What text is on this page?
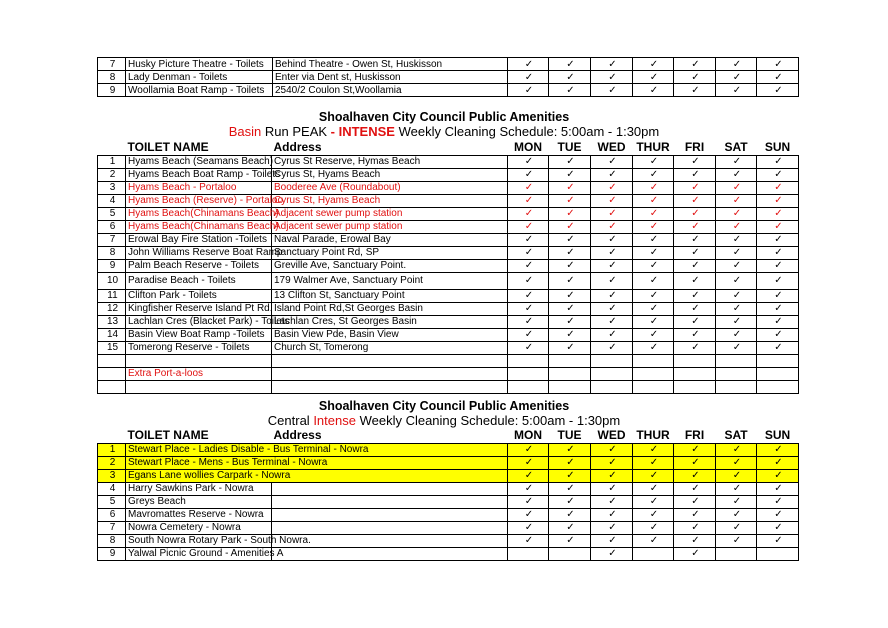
7	Husky Picture Theatre - Toilets	Behind Theatre - Owen St, Huskisson	✓	✓	✓	✓	✓	✓	✓
8	Lady Denman - Toilets	Enter via Dent st, Huskisson	✓	✓	✓	✓	✓	✓	✓
9	Woollamia Boat Ramp - Toilets	2540/2 Coulon St,Woollamia	✓	✓	✓	✓	✓	✓	✓
Shoalhaven City Council Public Amenities
Basin Run PEAK - INTENSE Weekly Cleaning Schedule: 5:00am - 1:30pm
	TOILET NAME	Address	MON	TUE	WED	THUR	FRI	SAT	SUN
1	Hyams Beach (Seamans Beach)	Cyrus St Reserve, Hymas Beach	✓	✓	✓	✓	✓	✓	✓
2	Hyams Beach Boat Ramp - Toilets	Cyrus St, Hyams Beach	✓	✓	✓	✓	✓	✓	✓
3	Hyams Beach - Portaloo	Booderee Ave (Roundabout)	✓	✓	✓	✓	✓	✓	✓
4	Hyams Beach (Reserve) - Portaloo	Cyrus St, Hyams Beach	✓	✓	✓	✓	✓	✓	✓
5	Hyams Beach(Chinamans Beach)	Adjacent sewer pump station	✓	✓	✓	✓	✓	✓	✓
6	Hyams Beach(Chinamans Beach)	Adjacent sewer pump station	✓	✓	✓	✓	✓	✓	✓
7	Erowal Bay Fire Station -Toilets	Naval Parade, Erowal Bay	✓	✓	✓	✓	✓	✓	✓
8	John Williams Reserve Boat Ramp	Sanctuary Point Rd, SP	✓	✓	✓	✓	✓	✓	✓
9	Palm Beach Reserve - Toilets	Greville Ave, Sanctuary Point.	✓	✓	✓	✓	✓	✓	✓
10	Paradise Beach - Toilets	179 Walmer Ave, Sanctuary Point	✓	✓	✓	✓	✓	✓	✓
11	Clifton Park - Toilets	13 Clifton St, Sanctuary Point	✓	✓	✓	✓	✓	✓	✓
12	Kingfisher Reserve Island Pt Rd.	Island Point Rd,St Georges Basin	✓	✓	✓	✓	✓	✓	✓
13	Lachlan Cres (Blacket Park) - Toilets	Lachlan Cres, St Georges Basin	✓	✓	✓	✓	✓	✓	✓
14	Basin View Boat Ramp -Toilets	Basin View Pde, Basin View	✓	✓	✓	✓	✓	✓	✓
15	Tomerong Reserve - Toilets	Church St, Tomerong	✓	✓	✓	✓	✓	✓	✓

	Extra Port-a-loos								

Shoalhaven City Council Public Amenities
Central Intense Weekly Cleaning Schedule: 5:00am - 1:30pm
	TOILET NAME	Address	MON	TUE	WED	THUR	FRI	SAT	SUN
1	Stewart Place - Ladies Disable - Bus Terminal - Nowra		✓	✓	✓	✓	✓	✓	✓
2	Stewart Place - Mens - Bus Terminal - Nowra		✓	✓	✓	✓	✓	✓	✓
3	Egans Lane wollies Carpark - Nowra		✓	✓	✓	✓	✓	✓	✓
4	Harry Sawkins Park - Nowra		✓	✓	✓	✓	✓	✓	✓
5	Greys Beach		✓	✓	✓	✓	✓	✓	✓
6	Mavromattes Reserve - Nowra		✓	✓	✓	✓	✓	✓	✓
7	Nowra Cemetery - Nowra		✓	✓	✓	✓	✓	✓	✓
8	South Nowra Rotary Park - South Nowra.		✓	✓	✓	✓	✓	✓	✓
9	Yalwal Picnic Ground - Amenities A				✓		✓		
